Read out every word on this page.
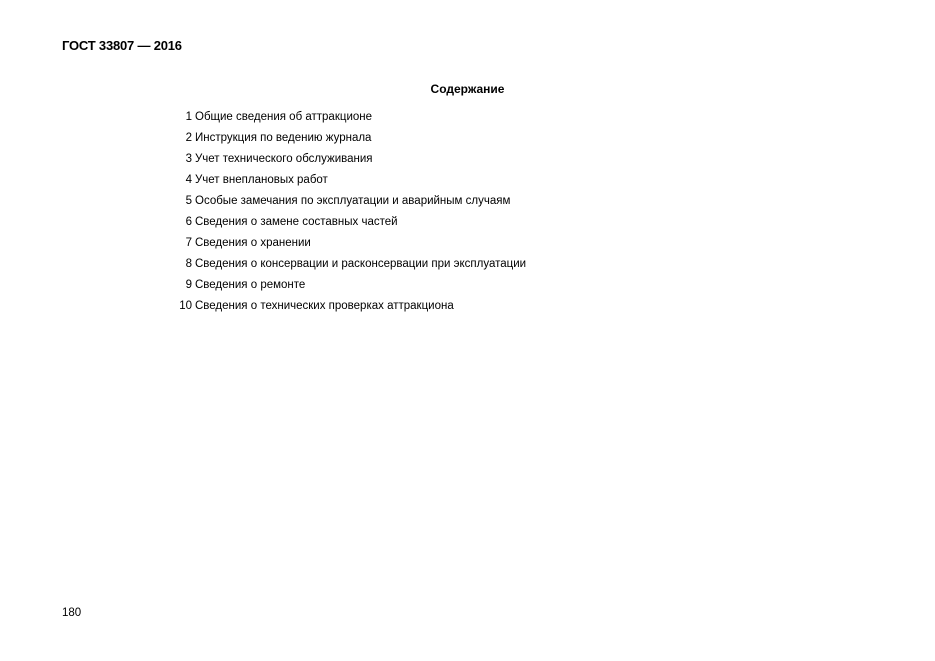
ГОСТ 33807 — 2016
Содержание
1 Общие сведения об аттракционе
2 Инструкция по ведению журнала
3 Учет технического обслуживания
4 Учет внеплановых работ
5 Особые замечания по эксплуатации и аварийным случаям
6 Сведения о замене составных частей
7 Сведения о хранении
8 Сведения о консервации и расконсервации при эксплуатации
9 Сведения о ремонте
10 Сведения о технических проверках аттракциона
180
